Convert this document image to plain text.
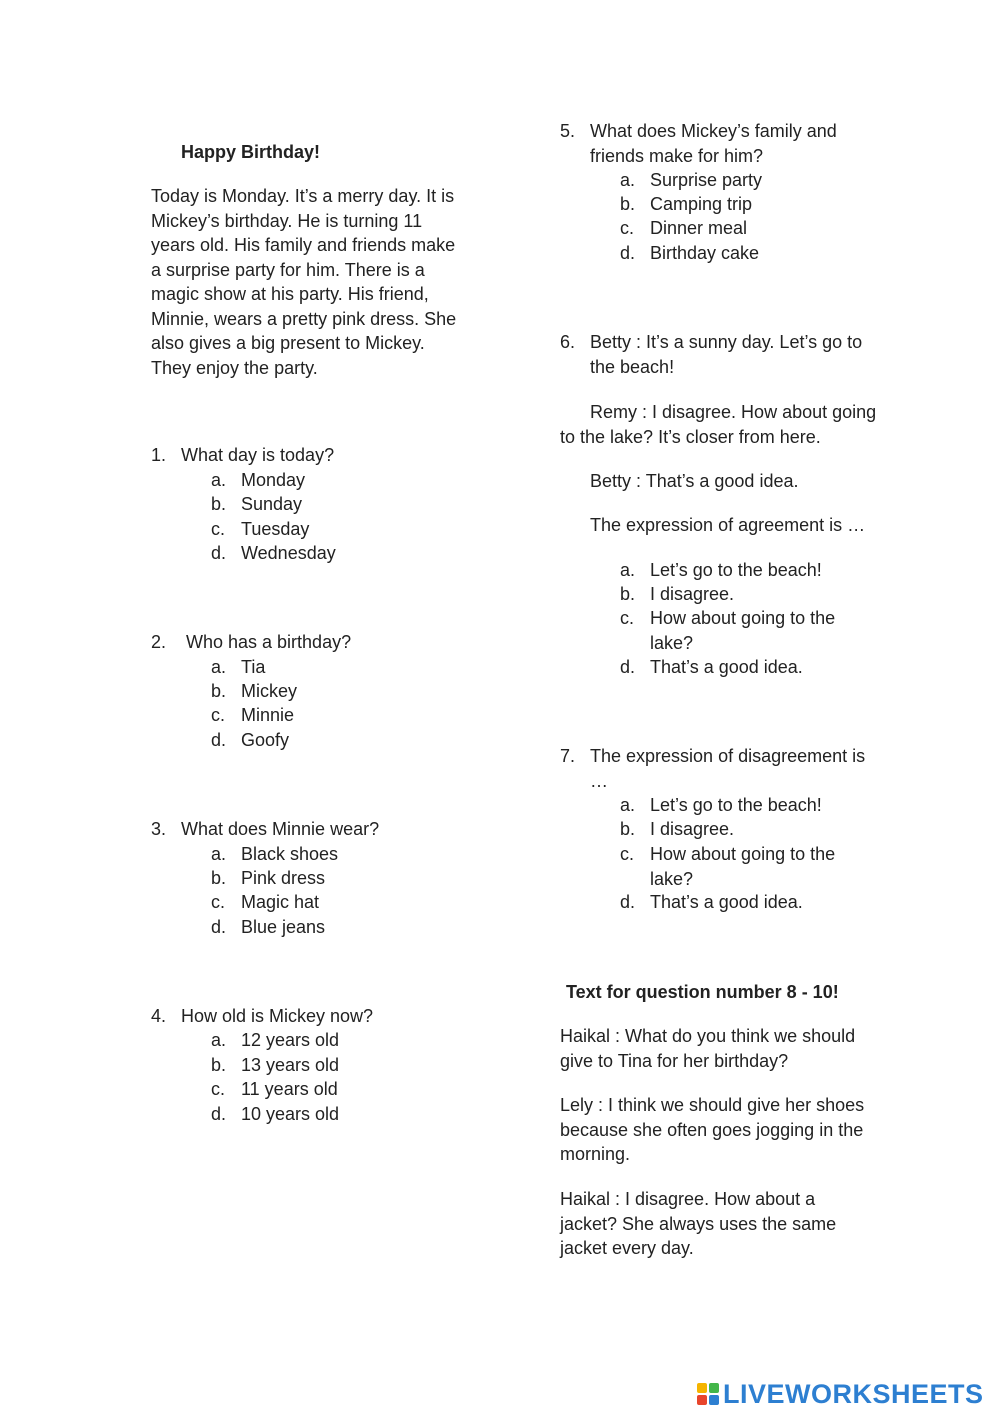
Happy Birthday!
Today is Monday. It’s a merry day. It is Mickey’s birthday. He is turning 11 years old. His family and friends make a surprise party for him. There is a magic show at his party. His friend, Minnie, wears a pretty pink dress. She also gives a big present to Mickey. They enjoy the party.
1. What day is today?
a. Monday
b. Sunday
c. Tuesday
d. Wednesday
2. Who has a birthday?
a. Tia
b. Mickey
c. Minnie
d. Goofy
3. What does Minnie wear?
a. Black shoes
b. Pink dress
c. Magic hat
d. Blue jeans
4. How old is Mickey now?
a. 12 years old
b. 13 years old
c. 11 years old
d. 10 years old
5. What does Mickey’s family and friends make for him?
a. Surprise party
b. Camping trip
c. Dinner meal
d. Birthday cake
6. Betty : It’s a sunny day. Let’s go to the beach!
Remy : I disagree. How about going to the lake? It’s closer from here.
Betty : That’s a good idea.
The expression of agreement is …
a. Let’s go to the beach!
b. I disagree.
c. How about going to the lake?
d. That’s a good idea.
7. The expression of disagreement is …
a. Let’s go to the beach!
b. I disagree.
c. How about going to the lake?
d. That’s a good idea.
Text for question number 8 - 10!
Haikal : What do you think we should give to Tina for her birthday?
Lely : I think we should give her shoes because she often goes jogging in the morning.
Haikal : I disagree. How about a jacket? She always uses the same jacket every day.
LIVEWORKSHEETS
